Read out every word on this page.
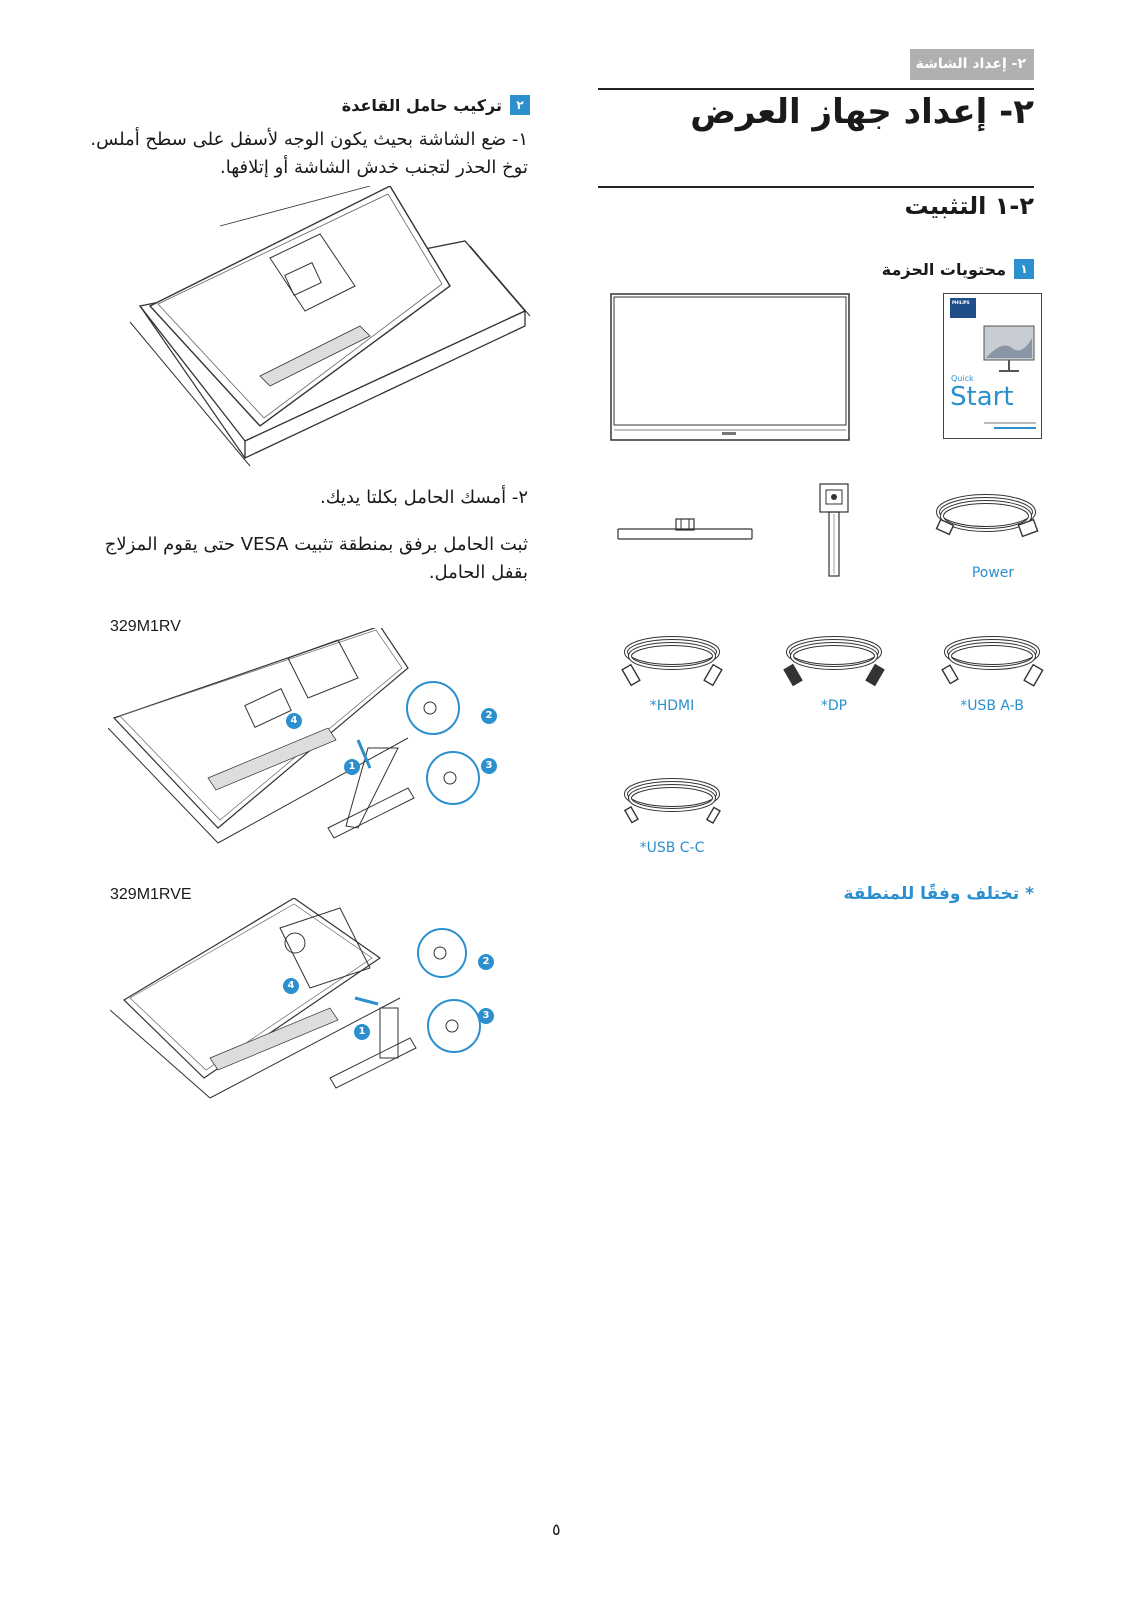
٢- إعداد الشاشة
٢- إعداد جهاز العرض
٢-١ التثبيت
١
محتويات الحزمة
PHILIPS
Quick
Start
Power
*HDMI	*DP	*USB A-B
*USB C-C
* تختلف وفقًا للمنطقة
٢
تركيب حامل القاعدة
١- ضع الشاشة بحيث يكون الوجه لأسفل على سطح أملس. توخ الحذر لتجنب خدش الشاشة أو إتلافها.
٢- أمسك الحامل بكلتا يديك.
ثبت الحامل برفق بمنطقة تثبيت VESA حتى يقوم المزلاج بقفل الحامل.
329M1RV
1
2
3
4
329M1RVE
1
2
3
4
٥
